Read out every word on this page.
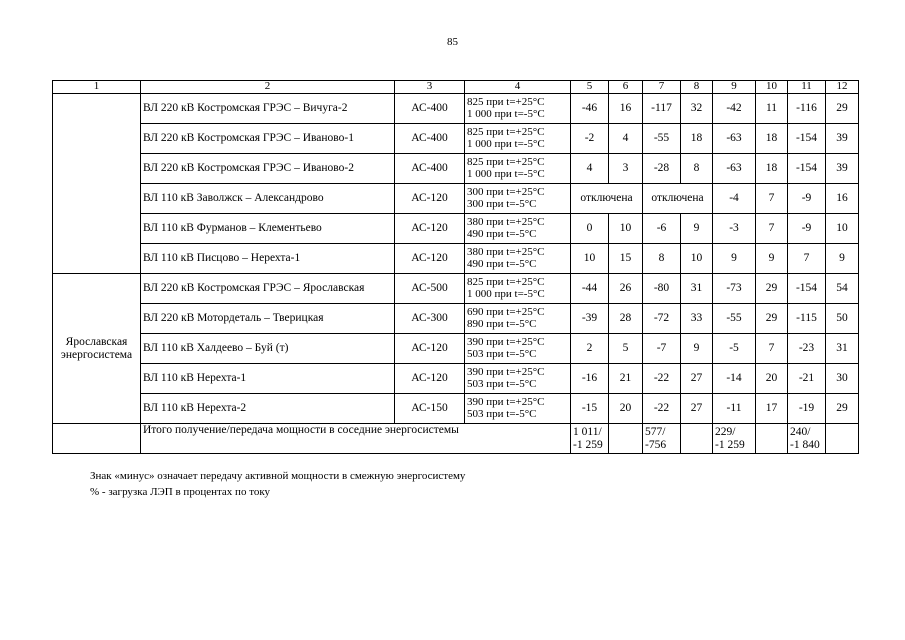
85
1	2	3	4	5	6	7	8	9	10	11	12
	ВЛ 220 кВ Костромская ГРЭС – Вичуга-2	АС-400	825 при t=+25°C
1 000 при t=-5°C	-46	16	-117	32	-42	11	-116	29
	ВЛ 220 кВ Костромская ГРЭС – Иваново-1	АС-400	825 при t=+25°C
1 000 при t=-5°C	-2	4	-55	18	-63	18	-154	39
	ВЛ 220 кВ Костромская ГРЭС – Иваново-2	АС-400	825 при t=+25°C
1 000 при t=-5°C	4	3	-28	8	-63	18	-154	39
	ВЛ 110 кВ Заволжск – Александрово	АС-120	300 при t=+25°C
300 при t=-5°C	отключена		отключена		-4	7	-9	16
	ВЛ 110 кВ Фурманов – Клементьево	АС-120	380 при t=+25°C
490 при t=-5°C	0	10	-6	9	-3	7	-9	10
	ВЛ 110 кВ Писцово – Нерехта-1	АС-120	380 при t=+25°C
490 при t=-5°C	10	15	8	10	9	9	7	9
Ярославская энергосистема	ВЛ 220 кВ Костромская ГРЭС – Ярославская	АС-500	825 при t=+25°C
1 000 при t=-5°C	-44	26	-80	31	-73	29	-154	54
	ВЛ 220 кВ Мотордеталь – Тверицкая	АС-300	690 при t=+25°C
890 при t=-5°C	-39	28	-72	33	-55	29	-115	50
	ВЛ 110 кВ Халдеево – Буй (т)	АС-120	390 при t=+25°C
503 при t=-5°C	2	5	-7	9	-5	7	-23	31
	ВЛ 110 кВ Нерехта-1	АС-120	390 при t=+25°C
503 при t=-5°C	-16	21	-22	27	-14	20	-21	30
	ВЛ 110 кВ Нерехта-2	АС-150	390 при t=+25°C
503 при t=-5°C	-15	20	-22	27	-11	17	-19	29
	Итого получение/передача мощности в соседние энергосистемы			1 011/
-1 259		577/
-756		229/
-1 259		240/
-1 840	

Знак «минус» означает передачу активной мощности в смежную энергосистему
% - загрузка ЛЭП в процентах по току
